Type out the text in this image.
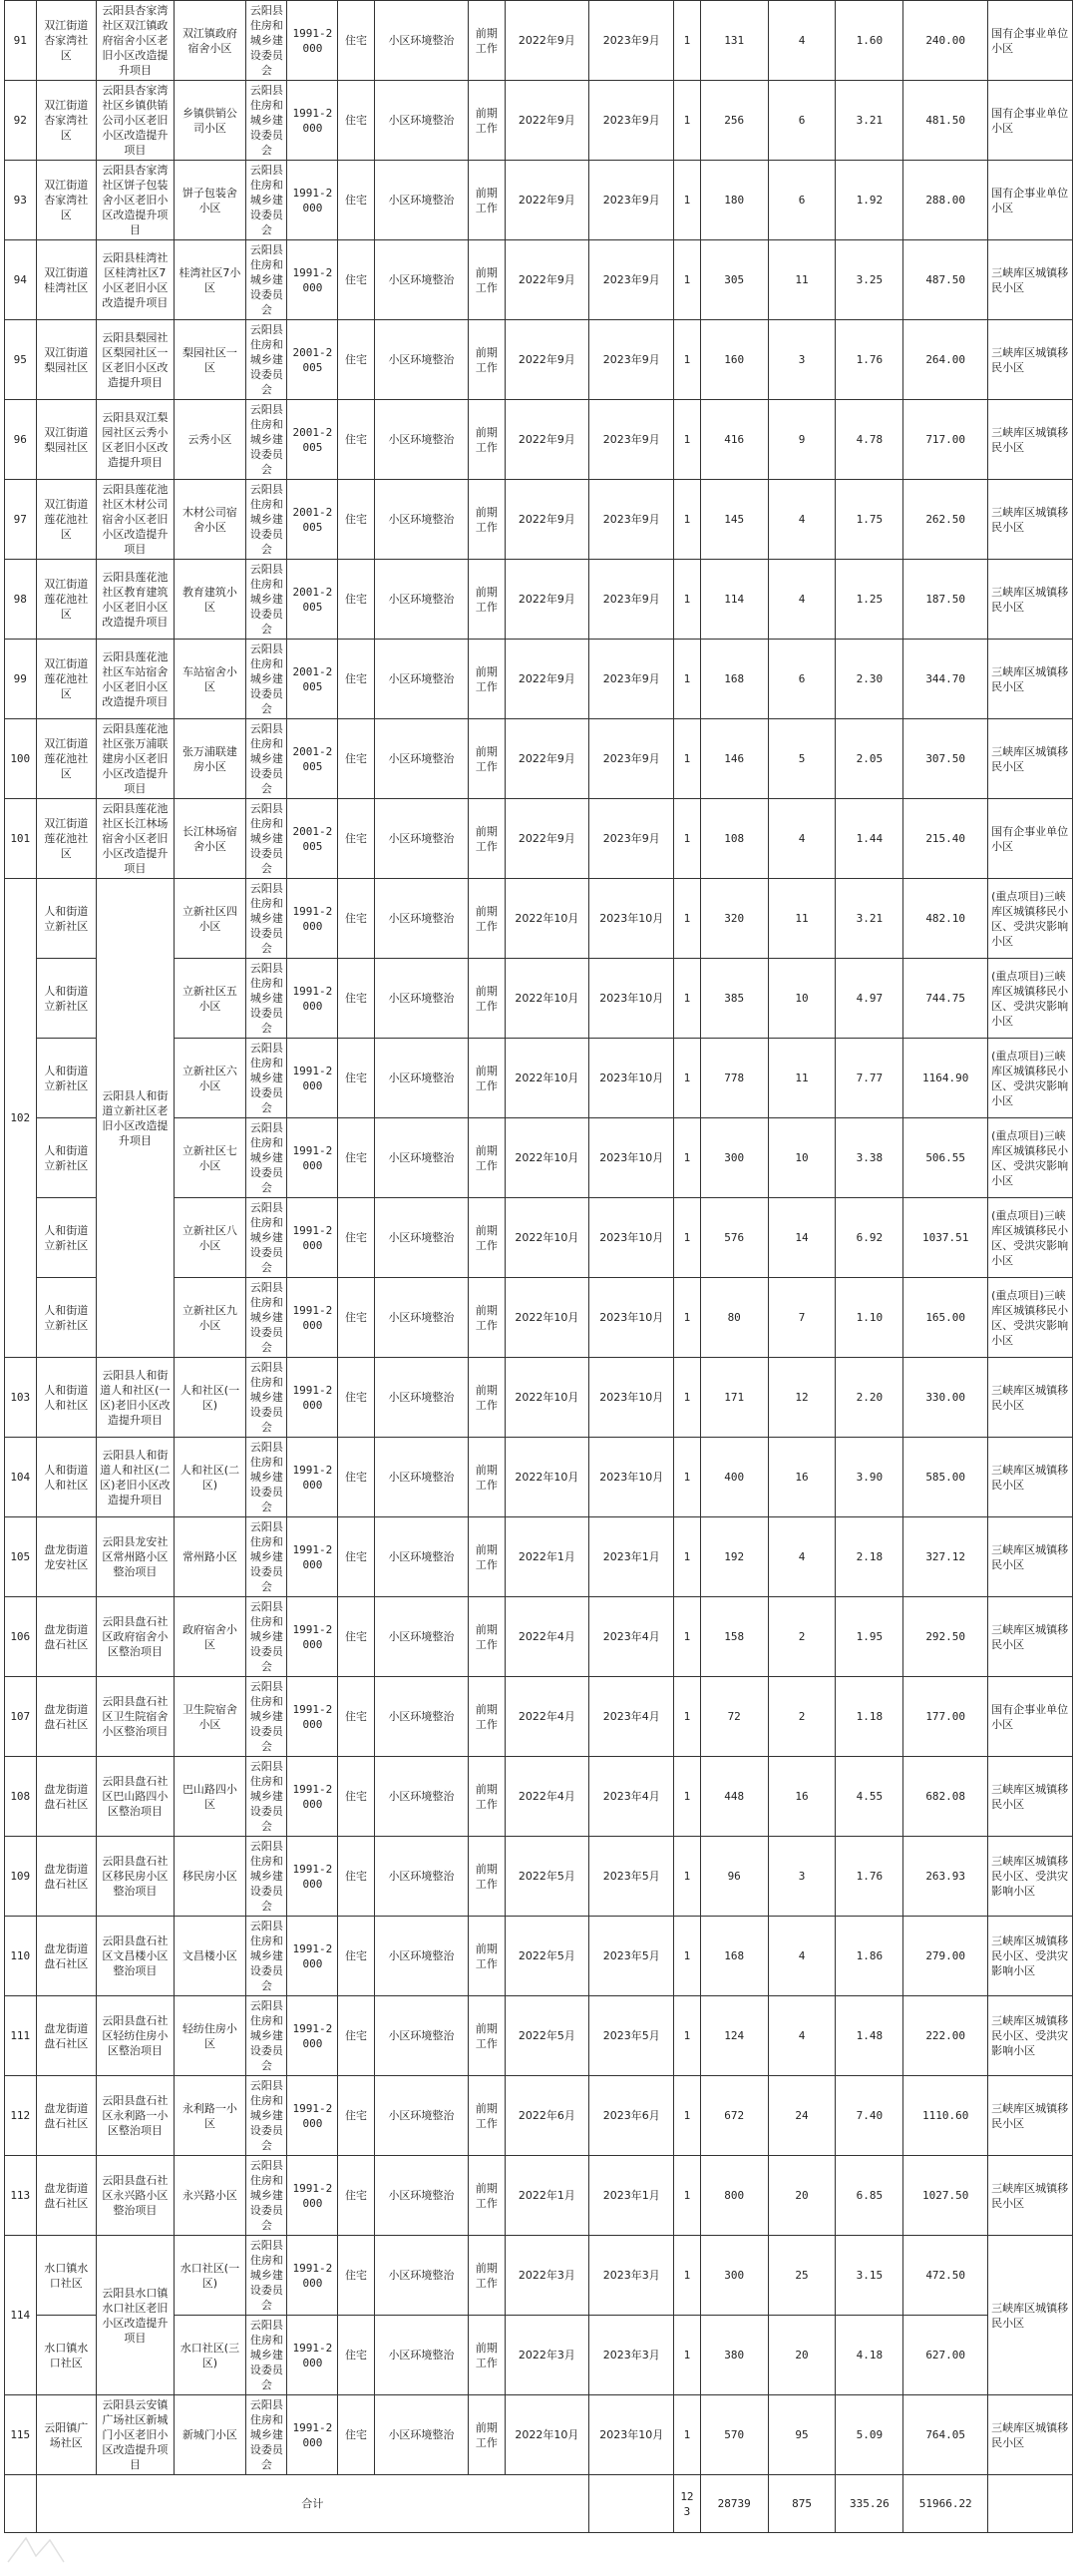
91	双江街道杏家湾社区	云阳县杏家湾社区双江镇政府宿舍小区老旧小区改造提升项目	双江镇政府宿舍小区	云阳县住房和城乡建设委员会	1991-2000	住宅	小区环境整治	前期工作	2022年9月	2023年9月	1	131	4	1.60	240.00	国有企事业单位小区
92	双江街道杏家湾社区	云阳县杏家湾社区乡镇供销公司小区老旧小区改造提升项目	乡镇供销公司小区	云阳县住房和城乡建设委员会	1991-2000	住宅	小区环境整治	前期工作	2022年9月	2023年9月	1	256	6	3.21	481.50	国有企事业单位小区
93	双江街道杏家湾社区	云阳县杏家湾社区饼子包装舍小区老旧小区改造提升项目	饼子包装舍小区	云阳县住房和城乡建设委员会	1991-2000	住宅	小区环境整治	前期工作	2022年9月	2023年9月	1	180	6	1.92	288.00	国有企事业单位小区
94	双江街道桂湾社区	云阳县桂湾社区桂湾社区7小区老旧小区改造提升项目	桂湾社区7小区	云阳县住房和城乡建设委员会	1991-2000	住宅	小区环境整治	前期工作	2022年9月	2023年9月	1	305	11	3.25	487.50	三峡库区城镇移民小区
95	双江街道梨园社区	云阳县梨园社区梨园社区一区老旧小区改造提升项目	梨园社区一区	云阳县住房和城乡建设委员会	2001-2005	住宅	小区环境整治	前期工作	2022年9月	2023年9月	1	160	3	1.76	264.00	三峡库区城镇移民小区
96	双江街道梨园社区	云阳县双江梨园社区云秀小区老旧小区改造提升项目	云秀小区	云阳县住房和城乡建设委员会	2001-2005	住宅	小区环境整治	前期工作	2022年9月	2023年9月	1	416	9	4.78	717.00	三峡库区城镇移民小区
97	双江街道莲花池社区	云阳县莲花池社区木材公司宿舍小区老旧小区改造提升项目	木材公司宿舍小区	云阳县住房和城乡建设委员会	2001-2005	住宅	小区环境整治	前期工作	2022年9月	2023年9月	1	145	4	1.75	262.50	三峡库区城镇移民小区
98	双江街道莲花池社区	云阳县莲花池社区教育建筑小区老旧小区改造提升项目	教育建筑小区	云阳县住房和城乡建设委员会	2001-2005	住宅	小区环境整治	前期工作	2022年9月	2023年9月	1	114	4	1.25	187.50	三峡库区城镇移民小区
99	双江街道莲花池社区	云阳县莲花池社区车站宿舍小区老旧小区改造提升项目	车站宿舍小区	云阳县住房和城乡建设委员会	2001-2005	住宅	小区环境整治	前期工作	2022年9月	2023年9月	1	168	6	2.30	344.70	三峡库区城镇移民小区
100	双江街道莲花池社区	云阳县莲花池社区张万浦联建房小区老旧小区改造提升项目	张万浦联建房小区	云阳县住房和城乡建设委员会	2001-2005	住宅	小区环境整治	前期工作	2022年9月	2023年9月	1	146	5	2.05	307.50	三峡库区城镇移民小区
101	双江街道莲花池社区	云阳县莲花池社区长江林场宿舍小区老旧小区改造提升项目	长江林场宿舍小区	云阳县住房和城乡建设委员会	2001-2005	住宅	小区环境整治	前期工作	2022年9月	2023年9月	1	108	4	1.44	215.40	国有企事业单位小区
102	人和街道立新社区	云阳县人和街道立新社区老旧小区改造提升项目	立新社区四小区	云阳县住房和城乡建设委员会	1991-2000	住宅	小区环境整治	前期工作	2022年10月	2023年10月	1	320	11	3.21	482.10	(重点项目)三峡库区城镇移民小区、受洪灾影响小区
	人和街道立新社区		立新社区五小区	云阳县住房和城乡建设委员会	1991-2000	住宅	小区环境整治	前期工作	2022年10月	2023年10月	1	385	10	4.97	744.75	(重点项目)三峡库区城镇移民小区、受洪灾影响小区
	人和街道立新社区		立新社区六小区	云阳县住房和城乡建设委员会	1991-2000	住宅	小区环境整治	前期工作	2022年10月	2023年10月	1	778	11	7.77	1164.90	(重点项目)三峡库区城镇移民小区、受洪灾影响小区
	人和街道立新社区		立新社区七小区	云阳县住房和城乡建设委员会	1991-2000	住宅	小区环境整治	前期工作	2022年10月	2023年10月	1	300	10	3.38	506.55	(重点项目)三峡库区城镇移民小区、受洪灾影响小区
	人和街道立新社区		立新社区八小区	云阳县住房和城乡建设委员会	1991-2000	住宅	小区环境整治	前期工作	2022年10月	2023年10月	1	576	14	6.92	1037.51	(重点项目)三峡库区城镇移民小区、受洪灾影响小区
	人和街道立新社区		立新社区九小区	云阳县住房和城乡建设委员会	1991-2000	住宅	小区环境整治	前期工作	2022年10月	2023年10月	1	80	7	1.10	165.00	(重点项目)三峡库区城镇移民小区、受洪灾影响小区
103	人和街道人和社区	云阳县人和街道人和社区(一区)老旧小区改造提升项目	人和社区(一区)	云阳县住房和城乡建设委员会	1991-2000	住宅	小区环境整治	前期工作	2022年10月	2023年10月	1	171	12	2.20	330.00	三峡库区城镇移民小区
104	人和街道人和社区	云阳县人和街道人和社区(二区)老旧小区改造提升项目	人和社区(二区)	云阳县住房和城乡建设委员会	1991-2000	住宅	小区环境整治	前期工作	2022年10月	2023年10月	1	400	16	3.90	585.00	三峡库区城镇移民小区
105	盘龙街道龙安社区	云阳县龙安社区常州路小区整治项目	常州路小区	云阳县住房和城乡建设委员会	1991-2000	住宅	小区环境整治	前期工作	2022年1月	2023年1月	1	192	4	2.18	327.12	三峡库区城镇移民小区
106	盘龙街道盘石社区	云阳县盘石社区政府宿舍小区整治项目	政府宿舍小区	云阳县住房和城乡建设委员会	1991-2000	住宅	小区环境整治	前期工作	2022年4月	2023年4月	1	158	2	1.95	292.50	三峡库区城镇移民小区
107	盘龙街道盘石社区	云阳县盘石社区卫生院宿舍小区整治项目	卫生院宿舍小区	云阳县住房和城乡建设委员会	1991-2000	住宅	小区环境整治	前期工作	2022年4月	2023年4月	1	72	2	1.18	177.00	国有企事业单位小区
108	盘龙街道盘石社区	云阳县盘石社区巴山路四小区整治项目	巴山路四小区	云阳县住房和城乡建设委员会	1991-2000	住宅	小区环境整治	前期工作	2022年4月	2023年4月	1	448	16	4.55	682.08	三峡库区城镇移民小区
109	盘龙街道盘石社区	云阳县盘石社区移民房小区整治项目	移民房小区	云阳县住房和城乡建设委员会	1991-2000	住宅	小区环境整治	前期工作	2022年5月	2023年5月	1	96	3	1.76	263.93	三峡库区城镇移民小区、受洪灾影响小区
110	盘龙街道盘石社区	云阳县盘石社区文昌楼小区整治项目	文昌楼小区	云阳县住房和城乡建设委员会	1991-2000	住宅	小区环境整治	前期工作	2022年5月	2023年5月	1	168	4	1.86	279.00	三峡库区城镇移民小区、受洪灾影响小区
111	盘龙街道盘石社区	云阳县盘石社区轻纺住房小区整治项目	轻纺住房小区	云阳县住房和城乡建设委员会	1991-2000	住宅	小区环境整治	前期工作	2022年5月	2023年5月	1	124	4	1.48	222.00	三峡库区城镇移民小区、受洪灾影响小区
112	盘龙街道盘石社区	云阳县盘石社区永利路一小区整治项目	永利路一小区	云阳县住房和城乡建设委员会	1991-2000	住宅	小区环境整治	前期工作	2022年6月	2023年6月	1	672	24	7.40	1110.60	三峡库区城镇移民小区
113	盘龙街道盘石社区	云阳县盘石社区永兴路小区整治项目	永兴路小区	云阳县住房和城乡建设委员会	1991-2000	住宅	小区环境整治	前期工作	2022年1月	2023年1月	1	800	20	6.85	1027.50	三峡库区城镇移民小区
114	水口镇水口社区	云阳县水口镇水口社区老旧小区改造提升项目	水口社区(一区)	云阳县住房和城乡建设委员会	1991-2000	住宅	小区环境整治	前期工作	2022年3月	2023年3月	1	300	25	3.15	472.50	三峡库区城镇移民小区
	水口镇水口社区		水口社区(三区)	云阳县住房和城乡建设委员会	1991-2000	住宅	小区环境整治	前期工作	2022年3月	2023年3月	1	380	20	4.18	627.00	
115	云阳镇广场社区	云阳县云安镇广场社区新城门小区老旧小区改造提升项目	新城门小区	云阳县住房和城乡建设委员会	1991-2000	住宅	小区环境整治	前期工作	2022年10月	2023年10月	1	570	95	5.09	764.05	三峡库区城镇移民小区
	合计										123	28739	875	335.26	51966.22	
